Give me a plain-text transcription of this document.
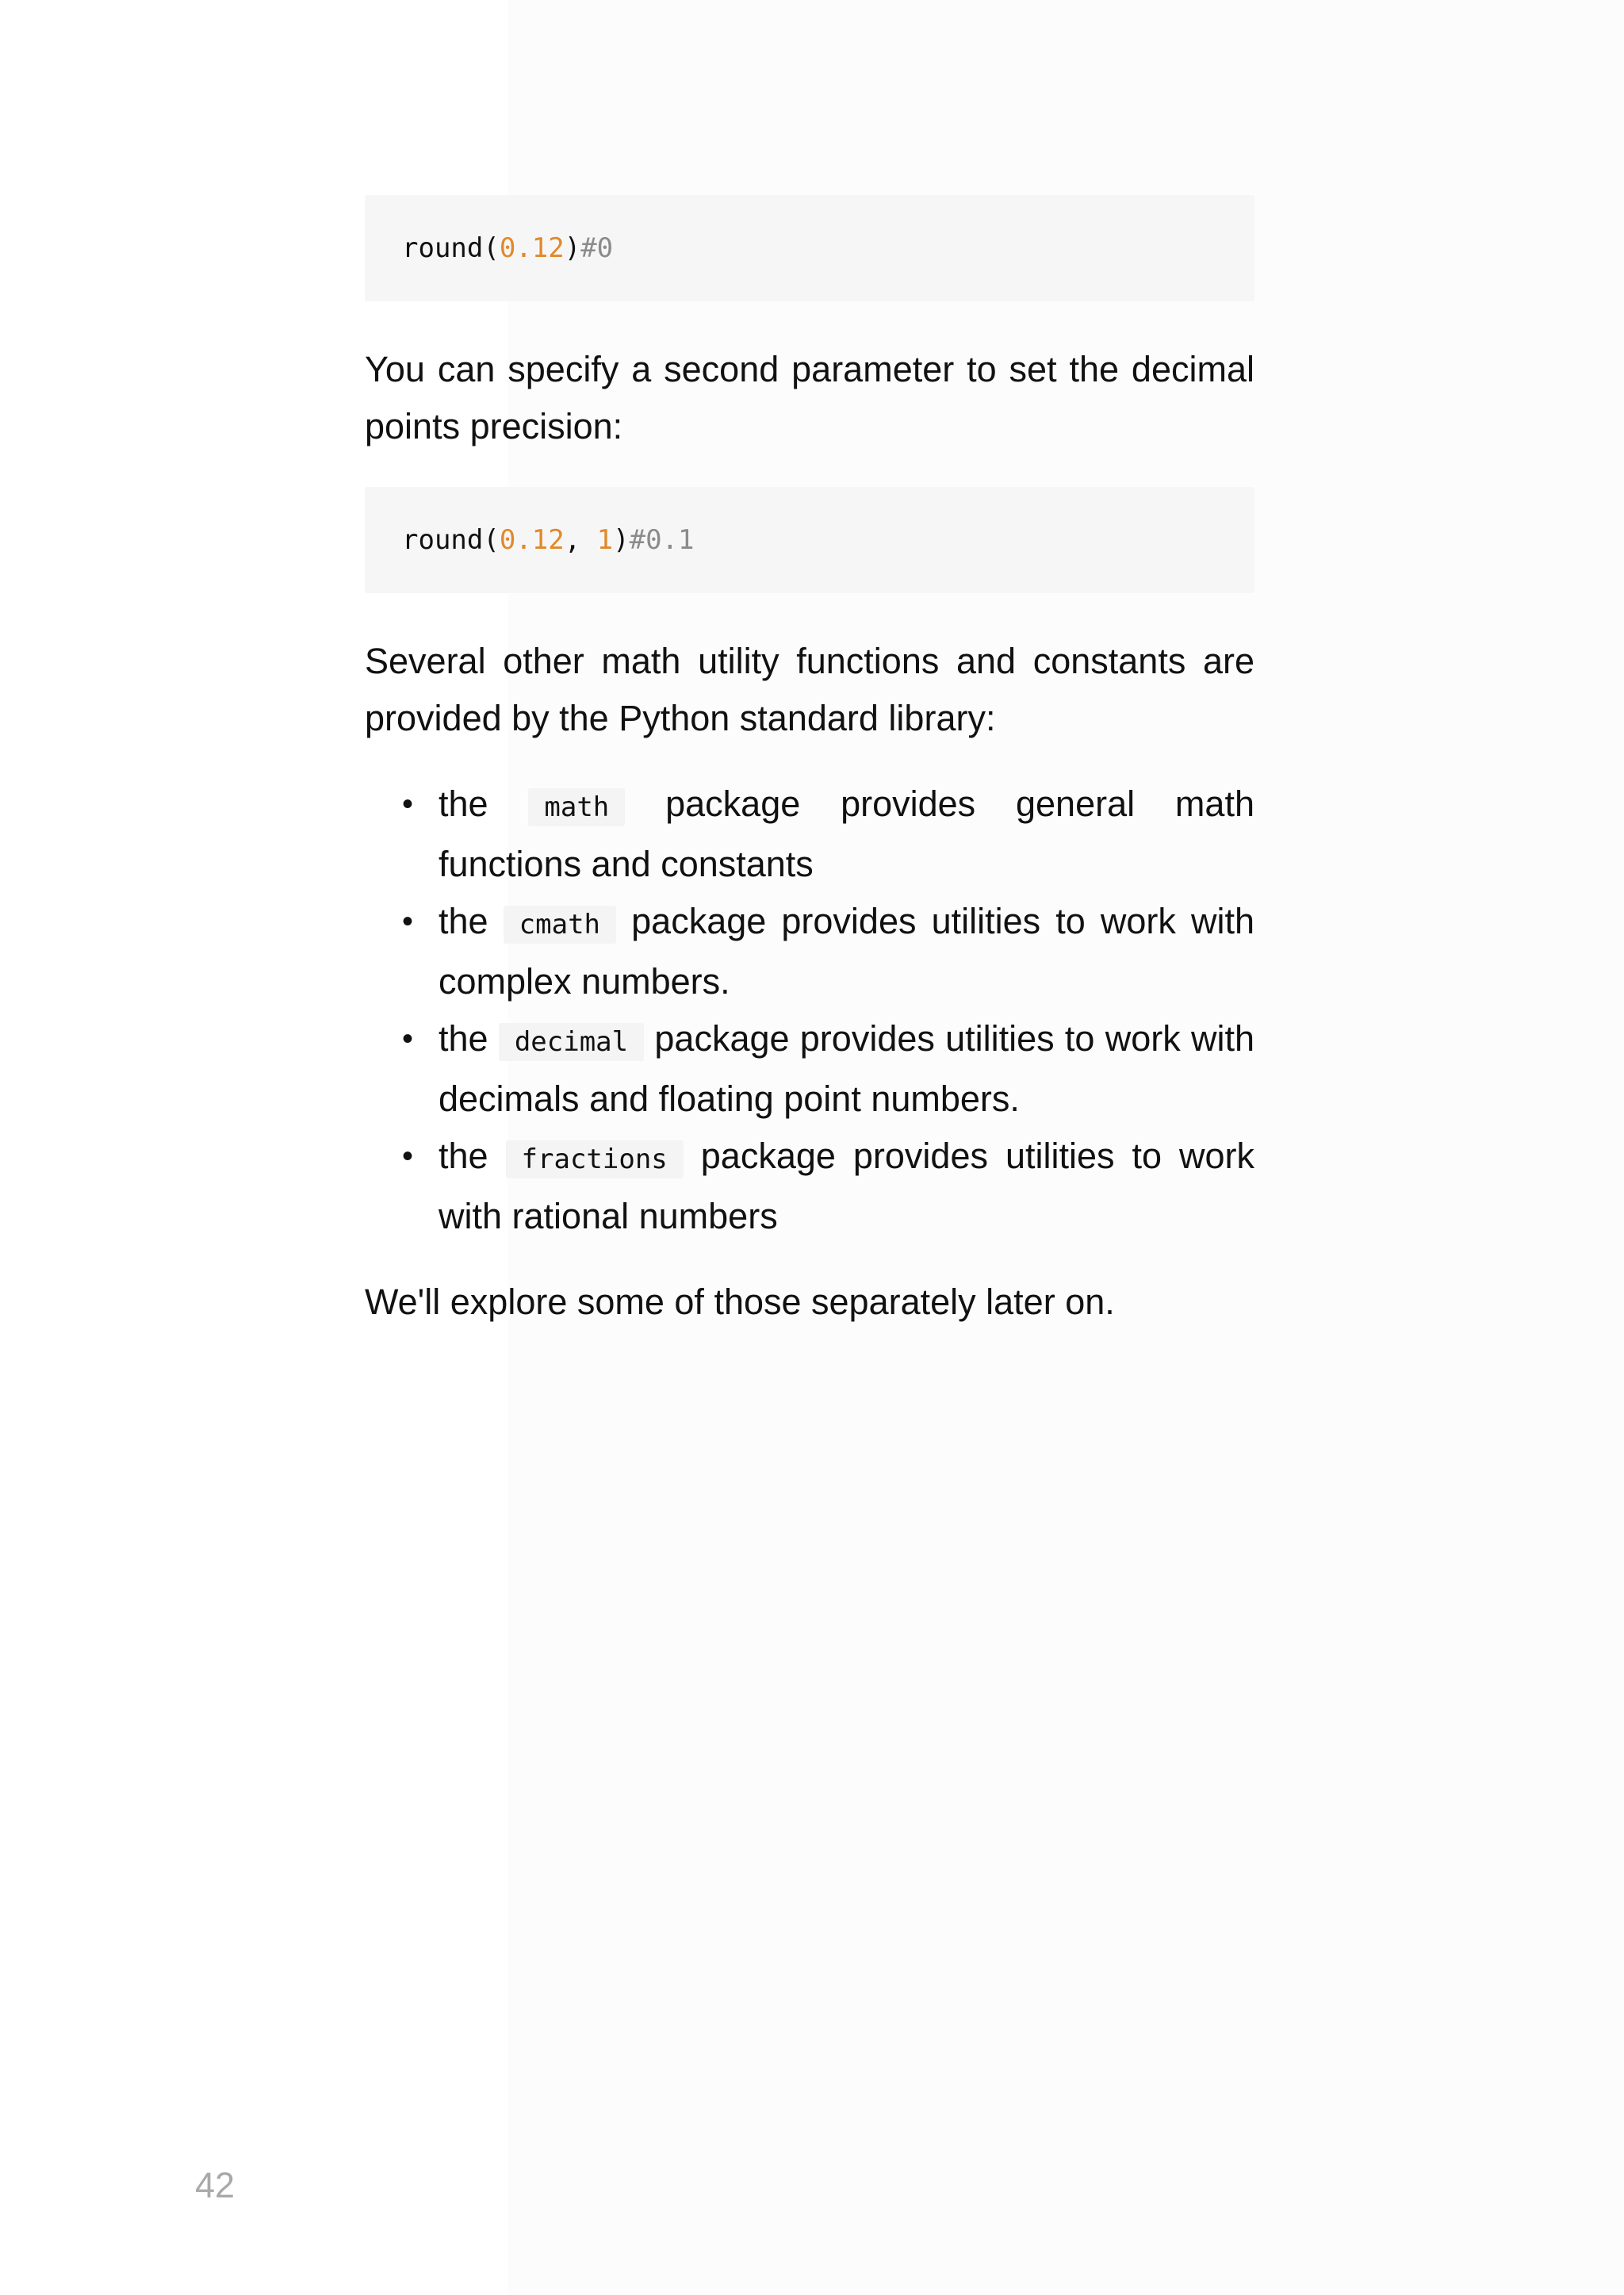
round( 0.12 ) #0

You can specify a second parameter to set the decimal points precision:

round( 0.12 , 1 ) #0.1

Several other math utility functions and constants are provided by the Python standard library:

• the math package provides general math functions and constants
• the cmath package provides utilities to work with complex numbers.
• the decimal package provides utilities to work with decimals and floating point numbers.
• the fractions package provides utilities to work with rational numbers

We'll explore some of those separately later on.

42
